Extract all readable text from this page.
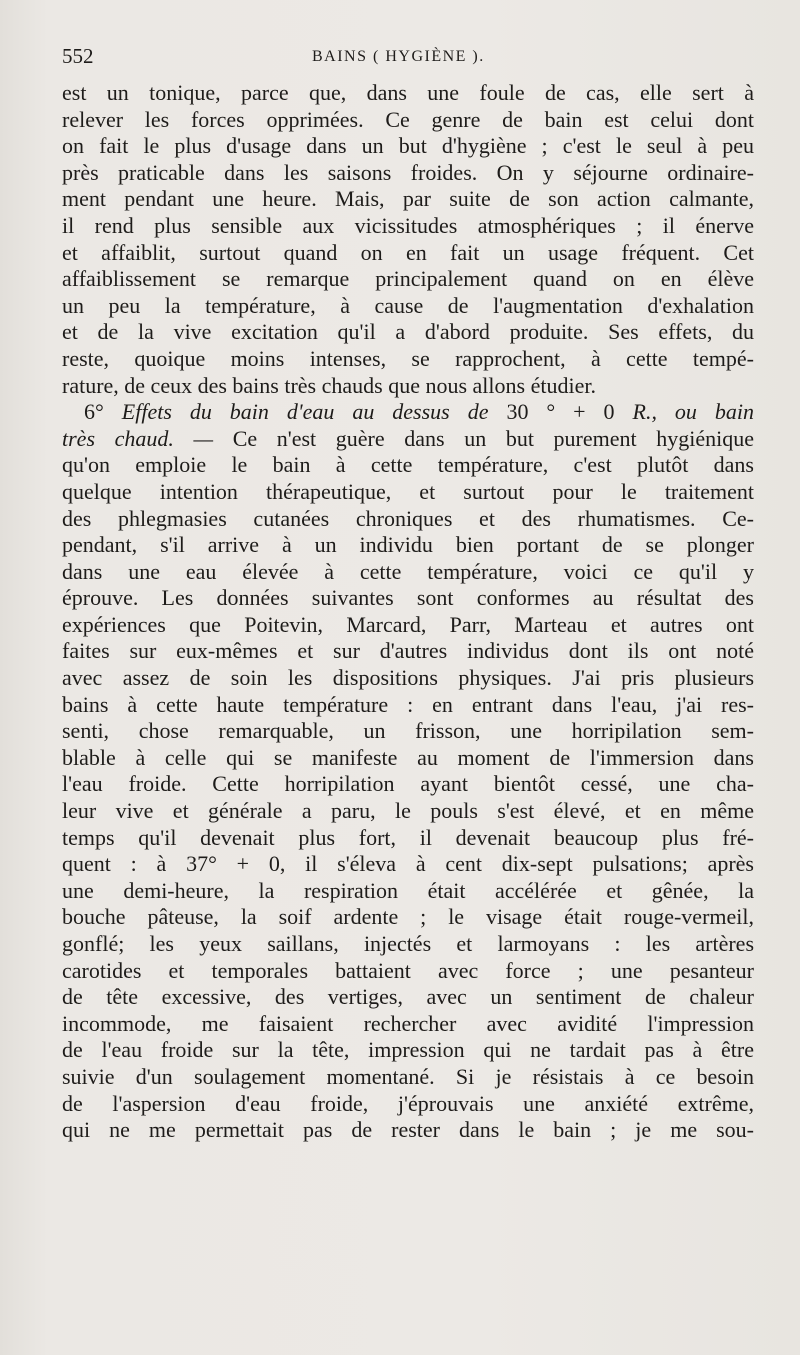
552	BAINS ( HYGIÈNE ).
est un tonique, parce que, dans une foule de cas, elle sert à
relever les forces opprimées. Ce genre de bain est celui dont
on fait le plus d'usage dans un but d'hygiène ; c'est le seul à peu
près praticable dans les saisons froides. On y séjourne ordinaire-
ment pendant une heure. Mais, par suite de son action calmante,
il rend plus sensible aux vicissitudes atmosphériques ; il énerve
et affaiblit, surtout quand on en fait un usage fréquent. Cet
affaiblissement se remarque principalement quand on en élève
un peu la température, à cause de l'augmentation d'exhalation
et de la vive excitation qu'il a d'abord produite. Ses effets, du
reste, quoique moins intenses, se rapprochent, à cette tempé-
rature, de ceux des bains très chauds que nous allons étudier.
6° Effets du bain d'eau au dessus de 30 ° + 0 R., ou bain
très chaud. — Ce n'est guère dans un but purement hygiénique
qu'on emploie le bain à cette température, c'est plutôt dans
quelque intention thérapeutique, et surtout pour le traitement
des phlegmasies cutanées chroniques et des rhumatismes. Ce-
pendant, s'il arrive à un individu bien portant de se plonger
dans une eau élevée à cette température, voici ce qu'il y
éprouve. Les données suivantes sont conformes au résultat des
expériences que Poitevin, Marcard, Parr, Marteau et autres ont
faites sur eux-mêmes et sur d'autres individus dont ils ont noté
avec assez de soin les dispositions physiques. J'ai pris plusieurs
bains à cette haute température : en entrant dans l'eau, j'ai res-
senti, chose remarquable, un frisson, une horripilation sem-
blable à celle qui se manifeste au moment de l'immersion dans
l'eau froide. Cette horripilation ayant bientôt cessé, une cha-
leur vive et générale a paru, le pouls s'est élevé, et en même
temps qu'il devenait plus fort, il devenait beaucoup plus fré-
quent : à 37° + 0, il s'éleva à cent dix-sept pulsations; après
une demi-heure, la respiration était accélérée et gênée, la
bouche pâteuse, la soif ardente ; le visage était rouge-vermeil,
gonflé; les yeux saillans, injectés et larmoyans : les artères
carotides et temporales battaient avec force ; une pesanteur
de tête excessive, des vertiges, avec un sentiment de chaleur
incommode, me faisaient rechercher avec avidité l'impression
de l'eau froide sur la tête, impression qui ne tardait pas à être
suivie d'un soulagement momentané. Si je résistais à ce besoin
de l'aspersion d'eau froide, j'éprouvais une anxiété extrême,
qui ne me permettait pas de rester dans le bain ; je me sou-
